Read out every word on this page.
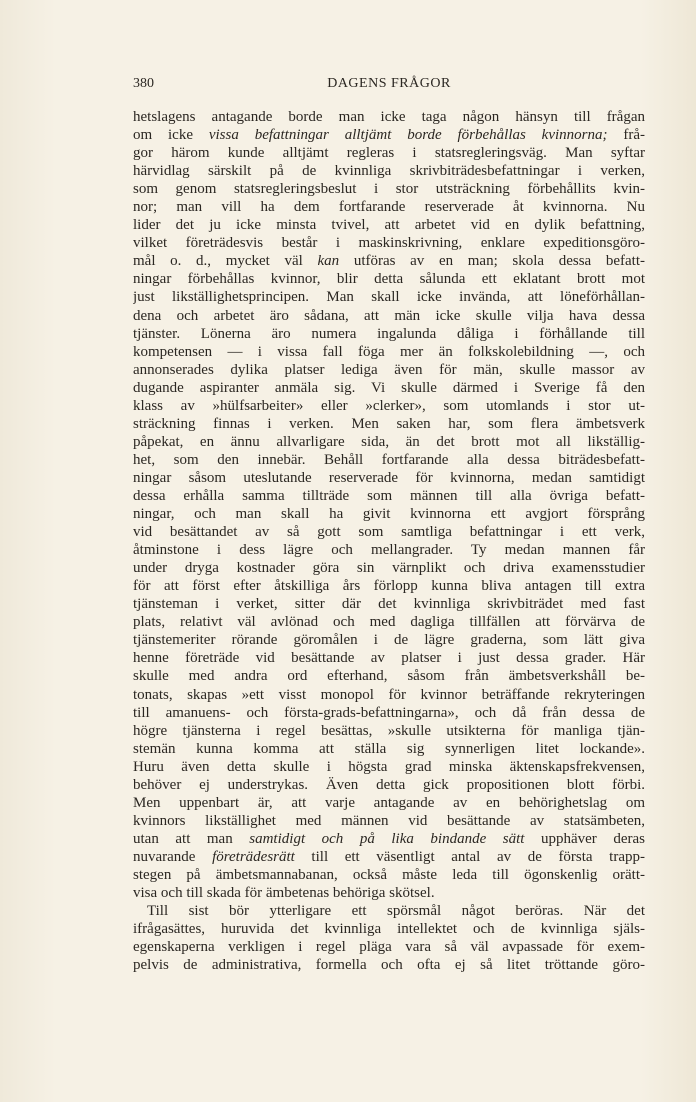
380	DAGENS FRÅGOR
hetslagens antagande borde man icke taga någon hänsyn till frågan
om icke vissa befattningar alltjämt borde förbehållas kvinnorna; frå-
gor härom kunde alltjämt regleras i statsregleringsväg. Man syftar
härvidlag särskilt på de kvinnliga skrivbiträdesbefattningar i verken,
som genom statsregleringsbeslut i stor utsträckning förbehållits kvin-
nor; man vill ha dem fortfarande reserverade åt kvinnorna. Nu
lider det ju icke minsta tvivel, att arbetet vid en dylik befattning,
vilket företrädesvis består i maskinskrivning, enklare expeditionsgöro-
mål o. d., mycket väl kan utföras av en man; skola dessa befatt-
ningar förbehållas kvinnor, blir detta sålunda ett eklatant brott mot
just likställighetsprincipen. Man skall icke invända, att löneförhållan-
dena och arbetet äro sådana, att män icke skulle vilja hava dessa
tjänster. Lönerna äro numera ingalunda dåliga i förhållande till
kompetensen — i vissa fall föga mer än folkskolebildning —, och
annonserades dylika platser lediga även för män, skulle massor av
dugande aspiranter anmäla sig. Vi skulle därmed i Sverige få den
klass av »hülfsarbeiter» eller »clerker», som utomlands i stor ut-
sträckning finnas i verken. Men saken har, som flera ämbetsverk
påpekat, en ännu allvarligare sida, än det brott mot all likställig-
het, som den innebär. Behåll fortfarande alla dessa biträdesbefatt-
ningar såsom uteslutande reserverade för kvinnorna, medan samtidigt
dessa erhålla samma tillträde som männen till alla övriga befatt-
ningar, och man skall ha givit kvinnorna ett avgjort försprång
vid besättandet av så gott som samtliga befattningar i ett verk,
åtminstone i dess lägre och mellangrader. Ty medan mannen får
under dryga kostnader göra sin värnplikt och driva examensstudier
för att först efter åtskilliga års förlopp kunna bliva antagen till extra
tjänsteman i verket, sitter där det kvinnliga skrivbiträdet med fast
plats, relativt väl avlönad och med dagliga tillfällen att förvärva de
tjänstemeriter rörande göromålen i de lägre graderna, som lätt giva
henne företräde vid besättande av platser i just dessa grader. Här
skulle med andra ord efterhand, såsom från ämbetsverkshåll be-
tonats, skapas »ett visst monopol för kvinnor beträffande rekryteringen
till amanuens- och första-grads-befattningarna», och då från dessa de
högre tjänsterna i regel besättas, »skulle utsikterna för manliga tjän-
stemän kunna komma att ställa sig synnerligen litet lockande».
Huru även detta skulle i högsta grad minska äktenskapsfrekvensen,
behöver ej understrykas. Även detta gick propositionen blott förbi.
Men uppenbart är, att varje antagande av en behörighetslag om
kvinnors likställighet med männen vid besättande av statsämbeten,
utan att man samtidigt och på lika bindande sätt upphäver deras
nuvarande företrädesrätt till ett väsentligt antal av de första trapp-
stegen på ämbetsmannabanan, också måste leda till ögonskenlig orätt-
visa och till skada för ämbetenas behöriga skötsel.
Till sist bör ytterligare ett spörsmål något beröras. När det
ifrågasättes, huruvida det kvinnliga intellektet och de kvinnliga själs-
egenskaperna verkligen i regel pläga vara så väl avpassade för exem-
pelvis de administrativa, formella och ofta ej så litet tröttande göro-
